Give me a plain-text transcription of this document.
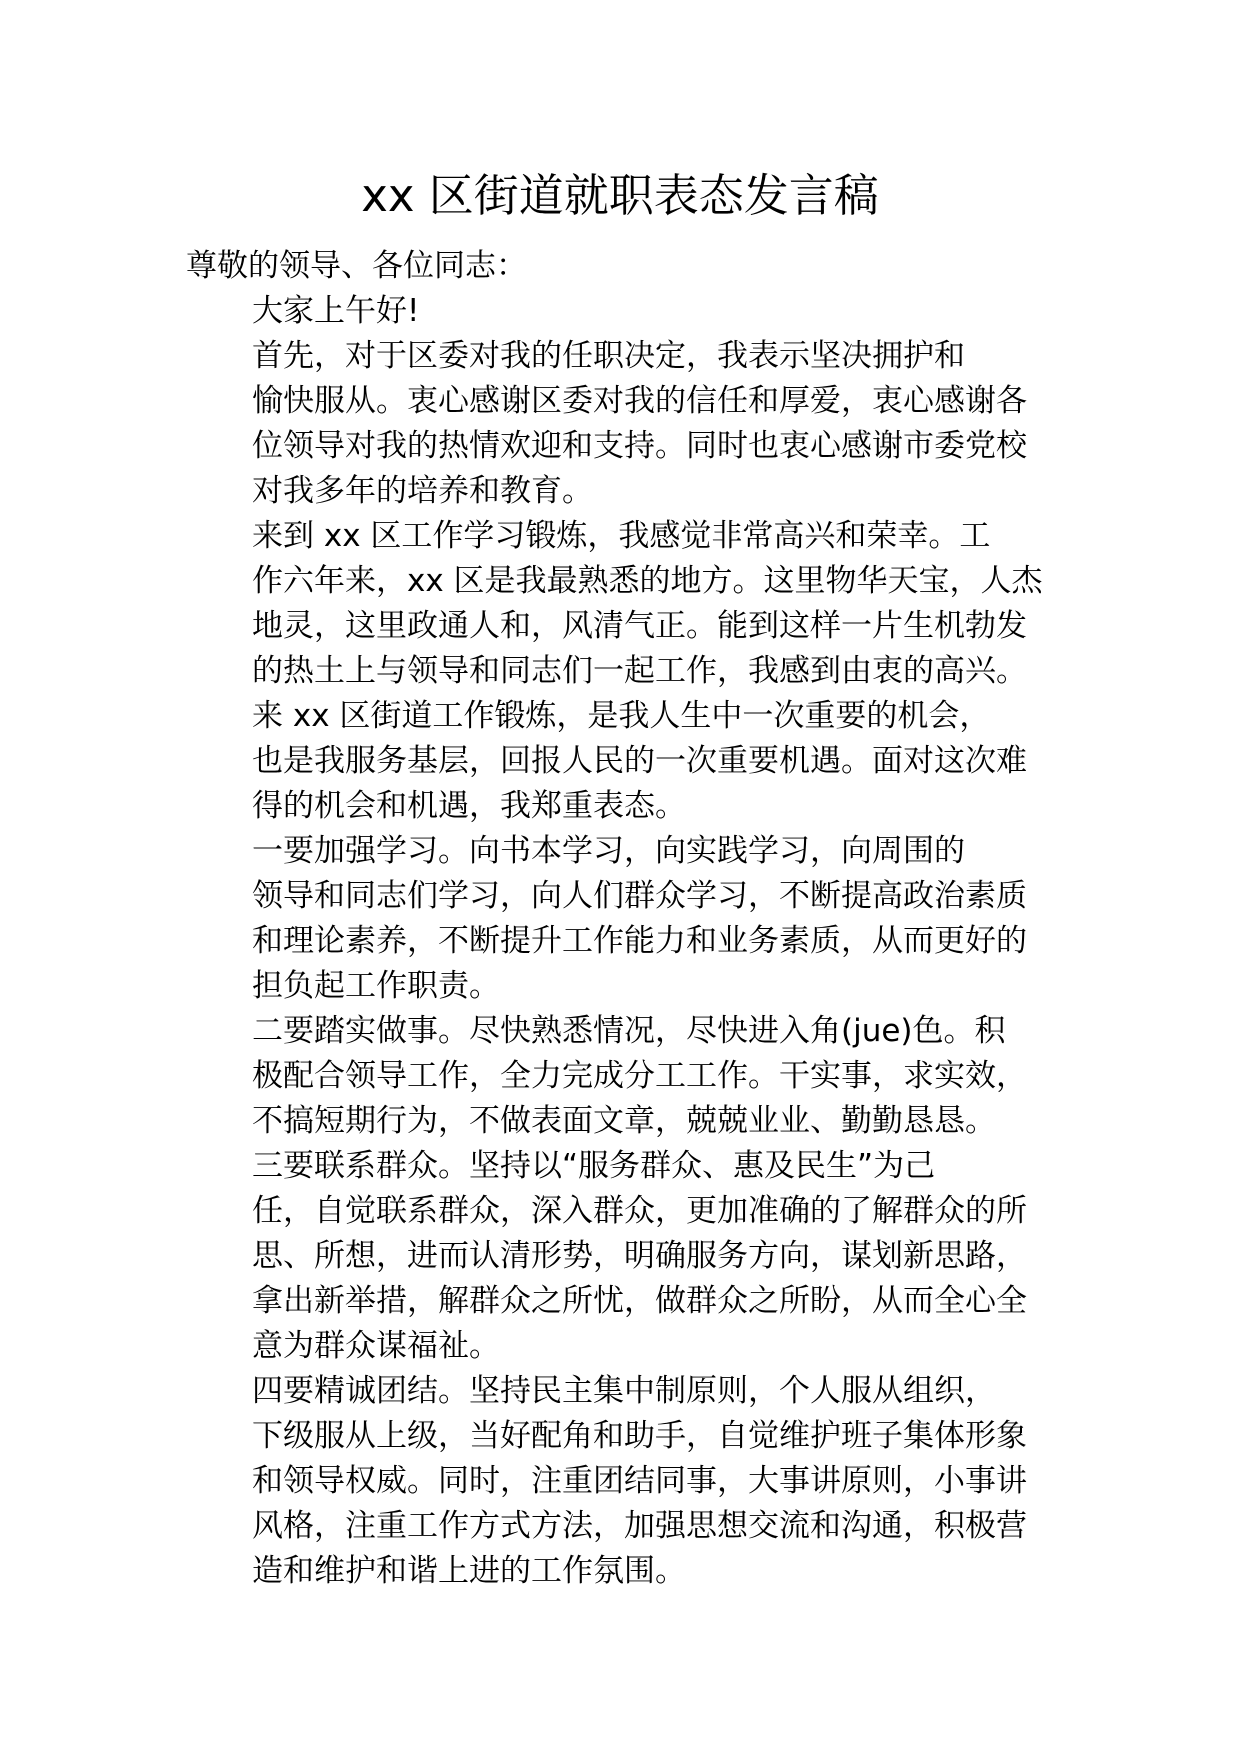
xx 区街道就职表态发言稿

尊敬的领导、各位同志：

大家上午好!

首先，对于区委对我的任职决定，我表示坚决拥护和
愉快服从。衷心感谢区委对我的信任和厚爱，衷心感谢各
位领导对我的热情欢迎和支持。同时也衷心感谢市委党校
对我多年的培养和教育。

来到 xx 区工作学习锻炼，我感觉非常高兴和荣幸。工
作六年来，xx 区是我最熟悉的地方。这里物华天宝，人杰
地灵，这里政通人和，风清气正。能到这样一片生机勃发
的热土上与领导和同志们一起工作，我感到由衷的高兴。

来 xx 区街道工作锻炼，是我人生中一次重要的机会，
也是我服务基层，回报人民的一次重要机遇。面对这次难
得的机会和机遇，我郑重表态。

一要加强学习。向书本学习，向实践学习，向周围的
领导和同志们学习，向人们群众学习，不断提高政治素质
和理论素养，不断提升工作能力和业务素质，从而更好的
担负起工作职责。

二要踏实做事。尽快熟悉情况，尽快进入角(jue)色。积
极配合领导工作，全力完成分工工作。干实事，求实效，
不搞短期行为，不做表面文章，兢兢业业、勤勤恳恳。

三要联系群众。坚持以“服务群众、惠及民生”为己
任，自觉联系群众，深入群众，更加准确的了解群众的所
思、所想，进而认清形势，明确服务方向，谋划新思路，
拿出新举措，解群众之所忧，做群众之所盼，从而全心全
意为群众谋福祉。

四要精诚团结。坚持民主集中制原则，个人服从组织，
下级服从上级，当好配角和助手，自觉维护班子集体形象
和领导权威。同时，注重团结同事，大事讲原则，小事讲
风格，注重工作方式方法，加强思想交流和沟通，积极营
造和维护和谐上进的工作氛围。
